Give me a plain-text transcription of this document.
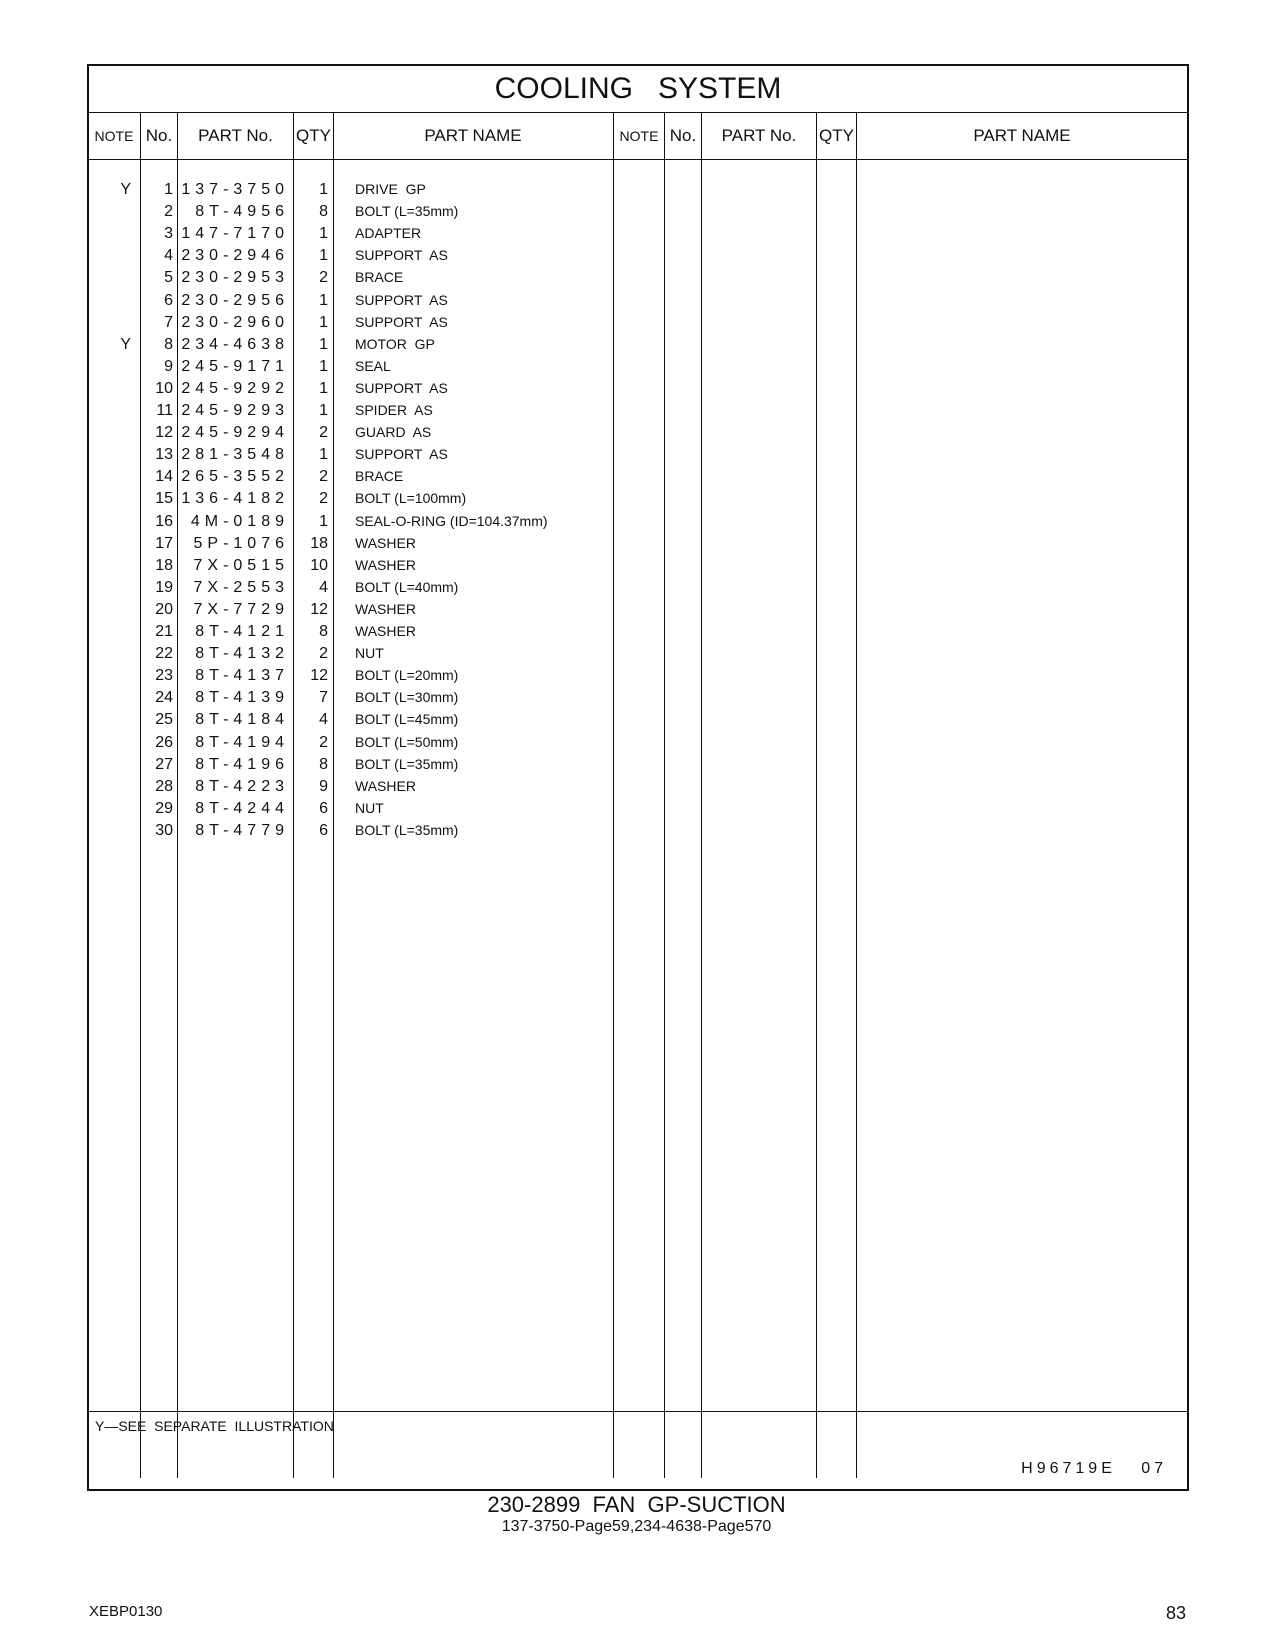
COOLING   SYSTEM
NOTE No.	PART No.	QTY	PART NAME	NOTE No.	PART No.	QTY	PART NAME
Y	1 137-3750	1 DRIVE  GP
2	8T-4956	8 BOLT (L=35mm)
3 147-7170	1 ADAPTER
4 230-2946	1 SUPPORT  AS
5 230-2953	2 BRACE
6 230-2956	1 SUPPORT  AS
7 230-2960	1 SUPPORT  AS
Y	8 234-4638	1 MOTOR  GP
9 245-9171	1 SEAL
10 245-9292	1 SUPPORT  AS
11 245-9293	1 SPIDER  AS
12 245-9294	2 GUARD  AS
13 281-3548	1 SUPPORT  AS
14 265-3552	2 BRACE
15 136-4182	2 BOLT (L=100mm)
16	4M-0189	1 SEAL-O-RING (ID=104.37mm)
17	5P-1076	18 WASHER
18	7X-0515	10 WASHER
19	7X-2553	4 BOLT (L=40mm)
20	7X-7729	12 WASHER
21	8T-4121	8 WASHER
22	8T-4132	2 NUT
23	8T-4137	12 BOLT (L=20mm)
24	8T-4139	7 BOLT (L=30mm)
25	8T-4184	4 BOLT (L=45mm)
26	8T-4194	2 BOLT (L=50mm)
27	8T-4196	8 BOLT (L=35mm)
28	8T-4223	9 WASHER
29	8T-4244	6 NUT
30	8T-4779	6 BOLT (L=35mm)
Y—SEE  SEPARATE  ILLUSTRATION
H96719E   07
230-2899  FAN  GP-SUCTION
137-3750-Page59,234-4638-Page570
XEBP0130	83
